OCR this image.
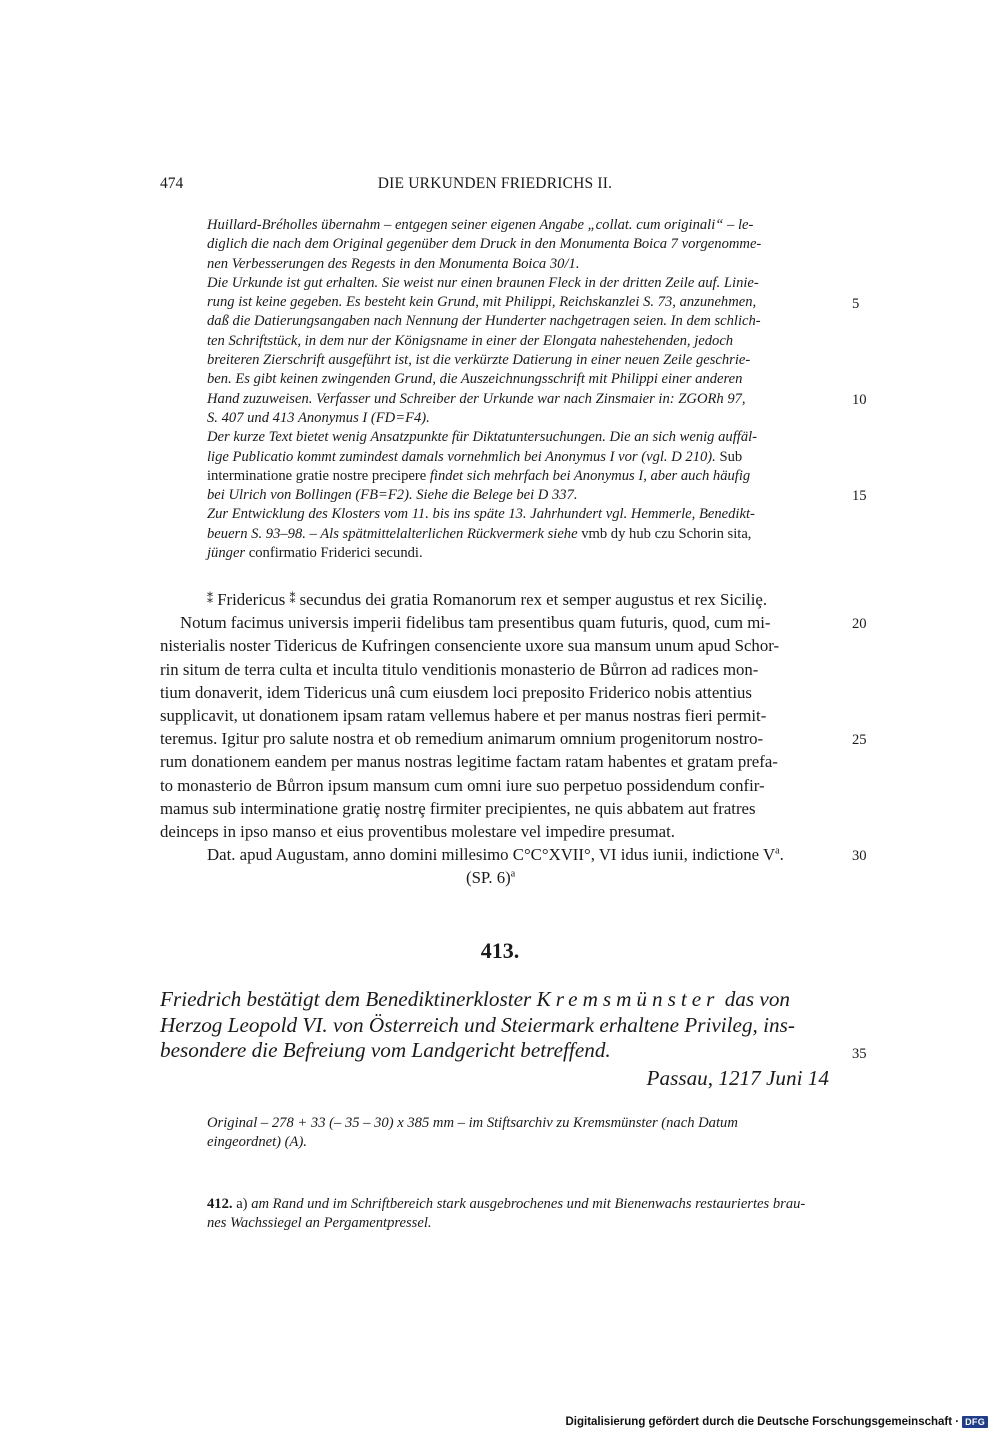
474	DIE URKUNDEN FRIEDRICHS II.
Huillard-Bréholles übernahm – entgegen seiner eigenen Angabe „collat. cum originali“ – le-
diglich die nach dem Original gegenüber dem Druck in den Monumenta Boica 7 vorgenomme-
nen Verbesserungen des Regests in den Monumenta Boica 30/1.
Die Urkunde ist gut erhalten. Sie weist nur einen braunen Fleck in der dritten Zeile auf. Linie-
rung ist keine gegeben. Es besteht kein Grund, mit Philippi, Reichskanzlei S. 73, anzunehmen,
daß die Datierungsangaben nach Nennung der Hunderter nachgetragen seien. In dem schlich-
ten Schriftstück, in dem nur der Königsname in einer der Elongata nahestehenden, jedoch
breiteren Zierschrift ausgeführt ist, ist die verkürzte Datierung in einer neuen Zeile geschrie-
ben. Es gibt keinen zwingenden Grund, die Auszeichnungsschrift mit Philippi einer anderen
Hand zuzuweisen. Verfasser und Schreiber der Urkunde war nach Zinsmaier in: ZGORh 97,
S. 407 und 413 Anonymus I (FD=F4).
Der kurze Text bietet wenig Ansatzpunkte für Diktatuntersuchungen. Die an sich wenig auffäl-
lige Publicatio kommt zumindest damals vornehmlich bei Anonymus I vor (vgl. D 210). Sub
interminatione gratie nostre precipere findet sich mehrfach bei Anonymus I, aber auch häufig
bei Ulrich von Bollingen (FB=F2). Siehe die Belege bei D 337.
Zur Entwicklung des Klosters vom 11. bis ins späte 13. Jahrhundert vgl. Hemmerle, Benedikt-
beuern S. 93–98. – Als spätmittelalterlichen Rückvermerk siehe vmb dy hub czu Schorin sita,
jünger confirmatio Friderici secundi.
⁑ Fridericus ⁑ secundus dei gratia Romanorum rex et semper augustus et rex Siciliȩ.
Notum facimus universis imperii fidelibus tam presentibus quam futuris, quod, cum mi-
nisterialis noster Tidericus de Kufringen consenciente uxore sua mansum unum apud Schor-
rin situm de terra culta et inculta titulo venditionis monasterio de Bůrron ad radices mon-
tium donaverit, idem Tidericus unâ cum eiusdem loci preposito Friderico nobis attentius
supplicavit, ut donationem ipsam ratam vellemus habere et per manus nostras fieri permit-
teremus. Igitur pro salute nostra et ob remedium animarum omnium progenitorum nostro-
rum donationem eandem per manus nostras legitime factam ratam habentes et gratam prefa-
to monasterio de Bůrron ipsum mansum cum omni iure suo perpetuo possidendum confir-
mamus sub interminatione gratiȩ nostrȩ firmiter precipientes, ne quis abbatem aut fratres
deinceps in ipso manso et eius proventibus molestare vel impedire presumat.
Dat. apud Augustam, anno domini millesimo C°C°XVII°, VI idus iunii, indictione $V^a$.
(SP. 6)$^a$
5
10
15
20
25
30
35
413.
Friedrich bestätigt dem Benediktinerkloster Kremsmünster das von
Herzog Leopold VI. von Österreich und Steiermark erhaltene Privileg, ins-
besondere die Befreiung vom Landgericht betreffend.
Passau, 1217 Juni 14
Original – 278 + 33 (– 35 – 30) x 385 mm – im Stiftsarchiv zu Kremsmünster (nach Datum
eingeordnet) (A).
412. a) am Rand und im Schriftbereich stark ausgebrochenes und mit Bienenwachs restauriertes brau-
nes Wachssiegel an Pergamentpressel.
Digitalisierung gefördert durch die Deutsche Forschungsgemeinschaft · DFG
